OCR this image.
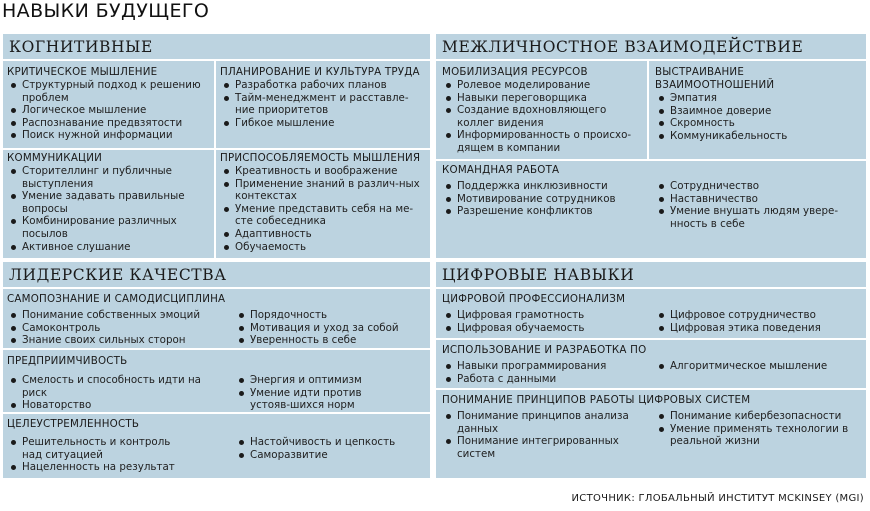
НАВЫКИ БУДУЩЕГО
КОГНИТИВНЫЕ
КРИТИЧЕСКОЕ МЫШЛЕНИЕ
Структурный подход к решению проблем
Логическое мышление
Распознавание предвзятости
Поиск нужной информации
ПЛАНИРОВАНИЕ И КУЛЬТУРА ТРУДА
Разработка рабочих планов
Тайм-менеджмент и расставле-ние приоритетов
Гибкое мышление
КОММУНИКАЦИИ
Сторителлинг и публичные выступления
Умение задавать правильные вопросы
Комбинирование различных посылов
Активное слушание
ПРИСПОСОБЛЯЕМОСТЬ МЫШЛЕНИЯ
Креативность и воображение
Применение знаний в различ-ных контекстах
Умение представить себя на ме-сте собеседника
Адаптивность
Обучаемость
МЕЖЛИЧНОСТНОЕ ВЗАИМОДЕЙСТВИЕ
МОБИЛИЗАЦИЯ РЕСУРСОВ
Ролевое моделирование
Навыки переговорщика
Создание вдохновляющего коллег видения
Информированность о происхо-дящем в компании
ВЫСТРАИВАНИЕ
ВЗАИМООТНОШЕНИЙ
Эмпатия
Взаимное доверие
Скромность
Коммуникабельность
КОМАНДНАЯ РАБОТА
Поддержка инклюзивности
Мотивирование сотрудников
Разрешение конфликтов
Сотрудничество
Наставничество
Умение внушать людям увере-нность в себе
ЛИДЕРСКИЕ КАЧЕСТВА
САМОПОЗНАНИЕ И САМОДИСЦИПЛИНА
Понимание собственных эмоций
Самоконтроль
Знание своих сильных сторон
Порядочность
Мотивация и уход за собой
Уверенность в себе
ПРЕДПРИИМЧИВОСТЬ
Смелость и способность идти на риск
Новаторство
Энергия и оптимизм
Умение идти против устояв-шихся норм
ЦЕЛЕУСТРЕМЛЕННОСТЬ
Решительность и контроль над ситуацией
Нацеленность на результат
Настойчивость и цепкость
Саморазвитие
ЦИФРОВЫЕ НАВЫКИ
ЦИФРОВОЙ ПРОФЕССИОНАЛИЗМ
Цифровая грамотность
Цифровая обучаемость
Цифровое сотрудничество
Цифровая этика поведения
ИСПОЛЬЗОВАНИЕ И РАЗРАБОТКА ПО
Навыки программирования
Работа с данными
Алгоритмическое мышление
ПОНИМАНИЕ ПРИНЦИПОВ РАБОТЫ ЦИФРОВЫХ СИСТЕМ
Понимание принципов анализа данных
Понимание интегрированных систем
Понимание кибербезопасности
Умение применять технологии в реальной жизни
ИСТОЧНИК: ГЛОБАЛЬНЫЙ ИНСТИТУТ MCKINSEY (MGI)
